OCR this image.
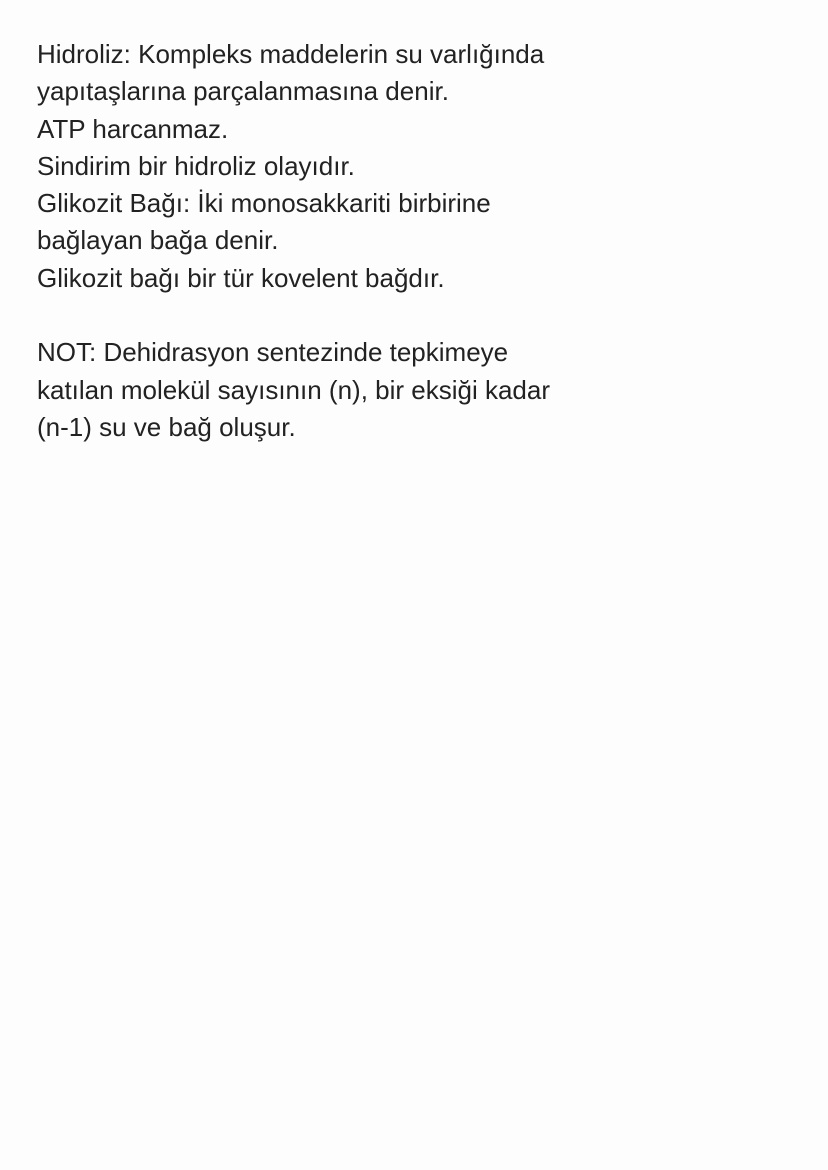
Hidroliz: Kompleks maddelerin su varlığında
yapıtaşlarına parçalanmasına denir.
ATP harcanmaz.
Sindirim bir hidroliz olayıdır.
Glikozit Bağı: İki monosakkariti birbirine
bağlayan bağa denir.
Glikozit bağı bir tür kovelent bağdır.
NOT: Dehidrasyon sentezinde tepkimeye
katılan molekül sayısının (n), bir eksiği kadar
(n-1) su ve bağ oluşur.
